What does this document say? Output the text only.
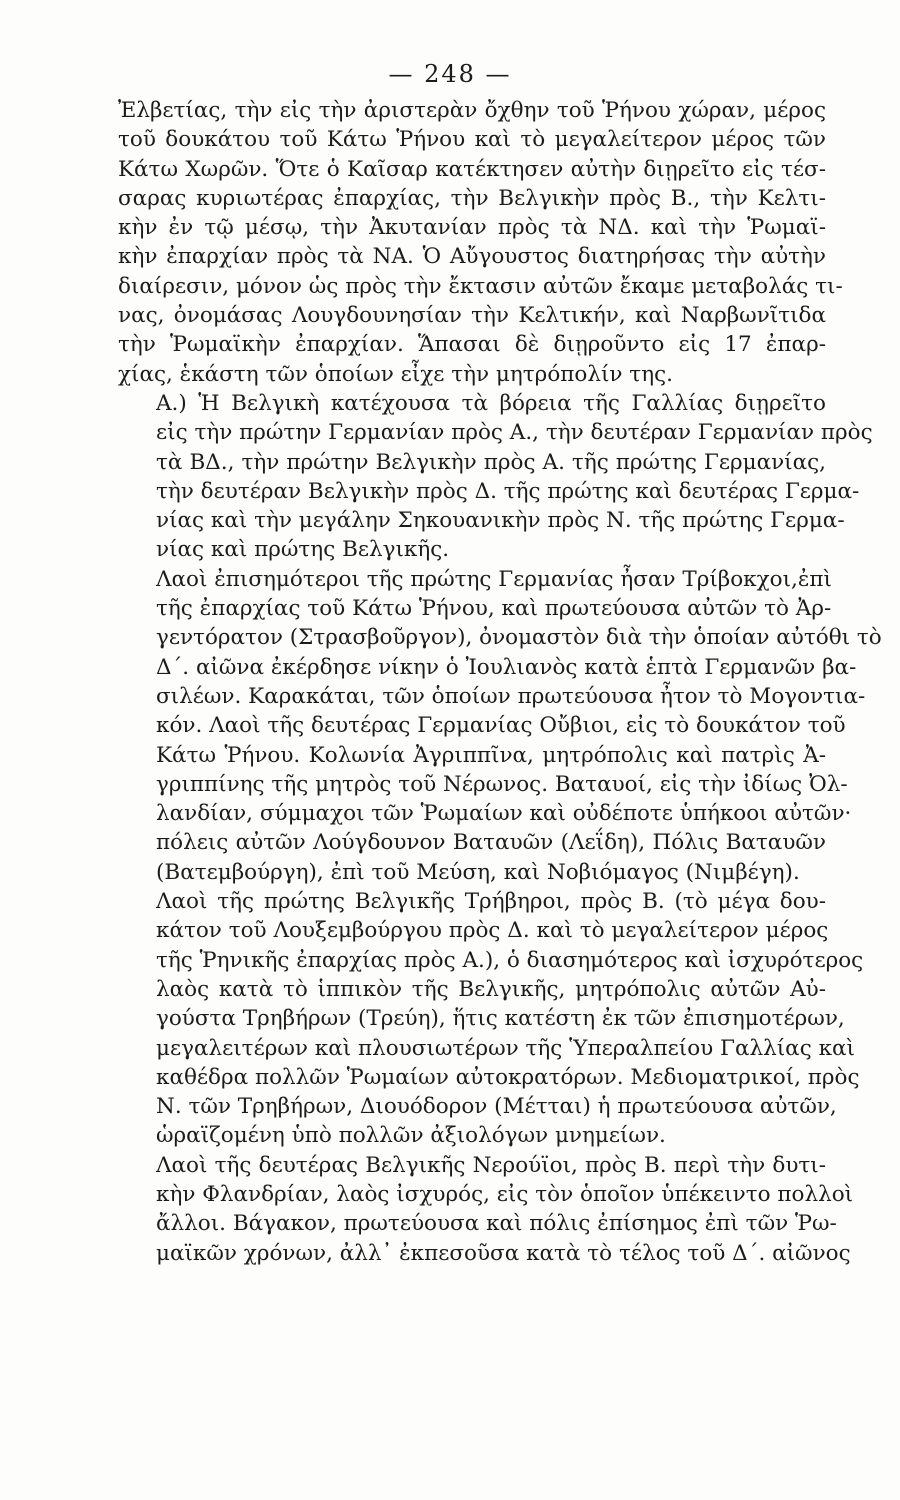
— 248 —
Ἐλβετίας, τὴν εἰς τὴν ἀριστερὰν ὄχθην τοῦ Ῥήνου χώραν, μέρος
τοῦ δουκάτου τοῦ Κάτω Ῥήνου καὶ τὸ μεγαλείτερον μέρος τῶν
Κάτω Χωρῶν. Ὅτε ὁ Καῖσαρ κατέκτησεν αὐτὴν διῃρεῖτο εἰς τέσ-
σαρας κυριωτέρας ἐπαρχίας, τὴν Βελγικὴν πρὸς Β., τὴν Κελτι-
κὴν ἐν τῷ μέσῳ, τὴν Ἀκυτανίαν πρὸς τὰ ΝΔ. καὶ τὴν Ῥωμαϊ-
κὴν ἐπαρχίαν πρὸς τὰ ΝΑ. Ὁ Αὔγουστος διατηρήσας τὴν αὐτὴν
διαίρεσιν, μόνον ὡς πρὸς τὴν ἔκτασιν αὐτῶν ἔκαμε μεταβολάς τι-
νας, ὀνομάσας Λουγδουνησίαν τὴν Κελτικήν, καὶ Ναρβωνῖτιδα
τὴν Ῥωμαϊκὴν ἐπαρχίαν. Ἅπασαι δὲ διῃροῦντο εἰς 17 ἐπαρ-
χίας, ἑκάστη τῶν ὁποίων εἶχε τὴν μητρόπολίν της.
Α.) Ἡ Βελγικὴ κατέχουσα τὰ βόρεια τῆς Γαλλίας διῃρεῖτο
εἰς τὴν πρώτην Γερμανίαν πρὸς Α., τὴν δευτέραν Γερμανίαν πρὸς
τὰ ΒΔ., τὴν πρώτην Βελγικὴν πρὸς Α. τῆς πρώτης Γερμανίας,
τὴν δευτέραν Βελγικὴν πρὸς Δ. τῆς πρώτης καὶ δευτέρας Γερμα-
νίας καὶ τὴν μεγάλην Σηκουανικὴν πρὸς Ν. τῆς πρώτης Γερμα-
νίας καὶ πρώτης Βελγικῆς.
Λαοὶ ἐπισημότεροι τῆς πρώτης Γερμανίας ἦσαν Τρίβοκχοι,ἐπὶ
τῆς ἐπαρχίας τοῦ Κάτω Ῥήνου, καὶ πρωτεύουσα αὐτῶν τὸ Ἀρ-
γεντόρατον (Στρασβοῦργον), ὀνομαστὸν διὰ τὴν ὁποίαν αὐτόθι τὸ
Δ΄. αἰῶνα ἐκέρδησε νίκην ὁ Ἰουλιανὸς κατὰ ἑπτὰ Γερμανῶν βα-
σιλέων. Καρακάται, τῶν ὁποίων πρωτεύουσα ἦτον τὸ Μογοντια-
κόν. Λαοὶ τῆς δευτέρας Γερμανίας Οὔβιοι, εἰς τὸ δουκάτον τοῦ
Κάτω Ῥήνου. Κολωνία Ἀγριππῖνα, μητρόπολις καὶ πατρὶς Ἀ-
γριππίνης τῆς μητρὸς τοῦ Νέρωνος. Βαταυοί, εἰς τὴν ἰδίως Ὀλ-
λανδίαν, σύμμαχοι τῶν Ῥωμαίων καὶ οὐδέποτε ὑπήκοοι αὐτῶν·
πόλεις αὐτῶν Λούγδουνον Βαταυῶν (Λεΐδη), Πόλις Βαταυῶν
(Βατεμβούργη), ἐπὶ τοῦ Μεύση, καὶ Νοβιόμαγος (Νιμβέγη).
Λαοὶ τῆς πρώτης Βελγικῆς Τρήβηροι, πρὸς Β. (τὸ μέγα δου-
κάτον τοῦ Λουξεμβούργου πρὸς Δ. καὶ τὸ μεγαλείτερον μέρος
τῆς Ῥηνικῆς ἐπαρχίας πρὸς Α.), ὁ διασημότερος καὶ ἰσχυρότερος
λαὸς κατὰ τὸ ἱππικὸν τῆς Βελγικῆς, μητρόπολις αὐτῶν Αὐ-
γούστα Τρηβήρων (Τρεύη), ἥτις κατέστη ἐκ τῶν ἐπισημοτέρων,
μεγαλειτέρων καὶ πλουσιωτέρων τῆς Ὑπεραλπείου Γαλλίας καὶ
καθέδρα πολλῶν Ῥωμαίων αὐτοκρατόρων. Μεδιοματρικοί, πρὸς
Ν. τῶν Τρηβήρων, Διουόδορον (Μέτται) ἡ πρωτεύουσα αὐτῶν,
ὡραϊζομένη ὑπὸ πολλῶν ἀξιολόγων μνημείων.
Λαοὶ τῆς δευτέρας Βελγικῆς Νερούϊοι, πρὸς Β. περὶ τὴν δυτι-
κὴν Φλανδρίαν, λαὸς ἰσχυρός, εἰς τὸν ὁποῖον ὑπέκειντο πολλοὶ
ἄλλοι. Βάγακον, πρωτεύουσα καὶ πόλις ἐπίσημος ἐπὶ τῶν Ῥω-
μαϊκῶν χρόνων, ἀλλ᾿ ἐκπεσοῦσα κατὰ τὸ τέλος τοῦ Δ΄. αἰῶνος
